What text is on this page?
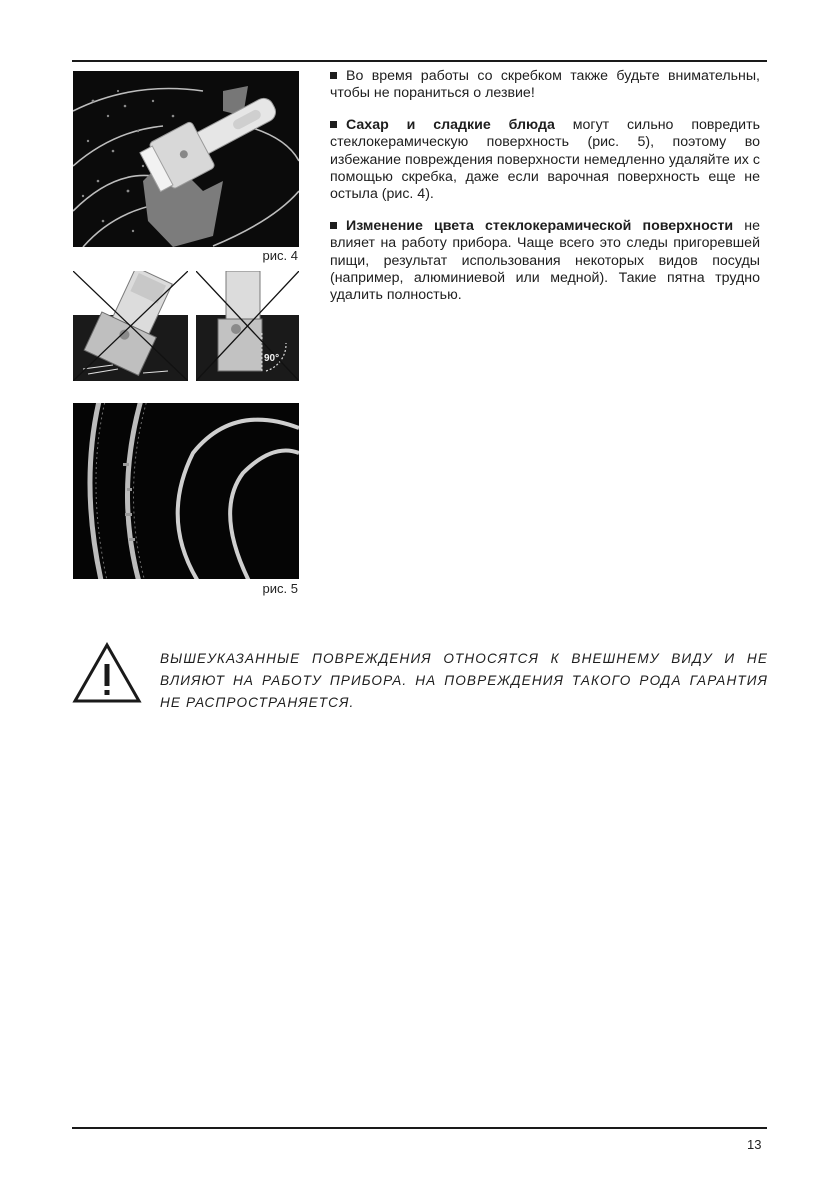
рис. 4
90°
рис. 5

Во время работы со скребком также будьте внимательны, чтобы не пораниться о лезвие!

Сахар и сладкие блюда могут сильно повредить стеклокерамическую поверхность (рис. 5), поэтому во избежание повреждения поверхности немедленно удаляйте их с помощью скребка, даже если варочная поверхность еще не остыла (рис. 4).

Изменение цвета стеклокерамической поверхности не влияет на работу прибора. Чаще всего это следы пригоревшей пищи, результат использования некоторых видов посуды (например, алюминиевой или медной). Такие пятна трудно удалить полностью.

ВЫШЕУКАЗАННЫЕ ПОВРЕЖДЕНИЯ ОТНОСЯТСЯ К ВНЕШНЕМУ ВИДУ И НЕ ВЛИЯЮТ НА РАБОТУ ПРИБОРА. НА ПОВРЕЖДЕНИЯ ТАКОГО РОДА ГАРАНТИЯ НЕ РАСПРОСТРАНЯЕТСЯ.
13
